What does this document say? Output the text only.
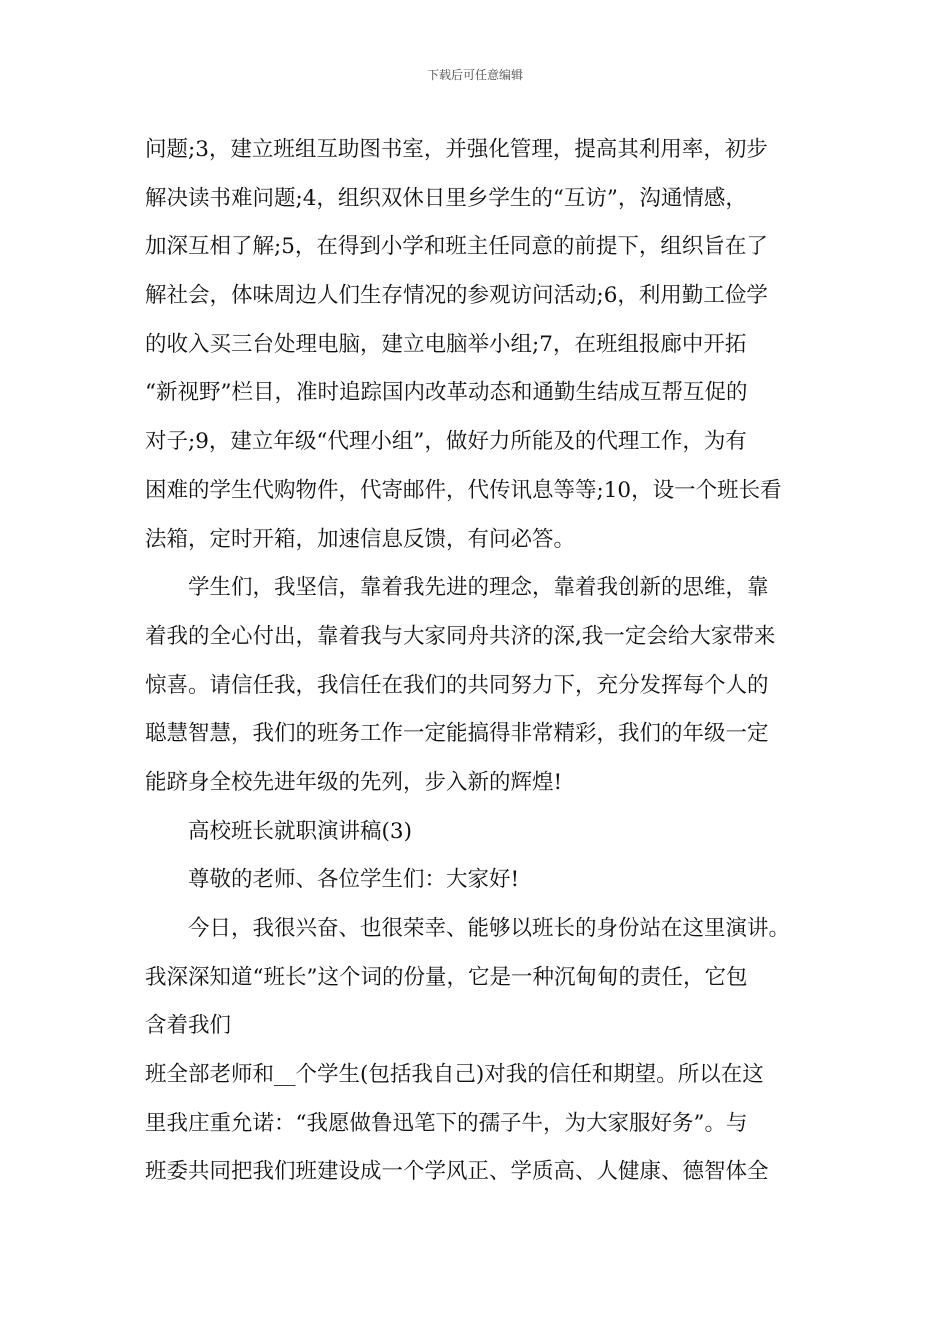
下载后可任意编辑
问题;3，建立班组互助图书室，并强化管理，提高其利用率，初步
解决读书难问题;4，组织双休日里乡学生的“互访”，沟通情感，
加深互相了解;5，在得到小学和班主任同意的前提下，组织旨在了
解社会，体味周边人们生存情况的参观访问活动;6，利用勤工俭学
的收入买三台处理电脑，建立电脑举小组;7，在班组报廊中开拓
“新视野”栏目，准时追踪国内改革动态和通勤生结成互帮互促的
对子;9，建立年级“代理小组”，做好力所能及的代理工作，为有
困难的学生代购物件，代寄邮件，代传讯息等等;10，设一个班长看
法箱，定时开箱，加速信息反馈，有问必答。
学生们，我坚信，靠着我先进的理念，靠着我创新的思维，靠
着我的全心付出，靠着我与大家同舟共济的深,我一定会给大家带来
惊喜。请信任我，我信任在我们的共同努力下，充分发挥每个人的
聪慧智慧，我们的班务工作一定能搞得非常精彩，我们的年级一定
能跻身全校先进年级的先列，步入新的辉煌!
高校班长就职演讲稿(3)
尊敬的老师、各位学生们：大家好!
今日，我很兴奋、也很荣幸、能够以班长的身份站在这里演讲。
我深深知道“班长”这个词的份量，它是一种沉甸甸的责任，它包
含着我们
班全部老师和__个学生(包括我自己)对我的信任和期望。所以在这
里我庄重允诺：“我愿做鲁迅笔下的孺子牛，为大家服好务”。与
班委共同把我们班建设成一个学风正、学质高、人健康、德智体全
